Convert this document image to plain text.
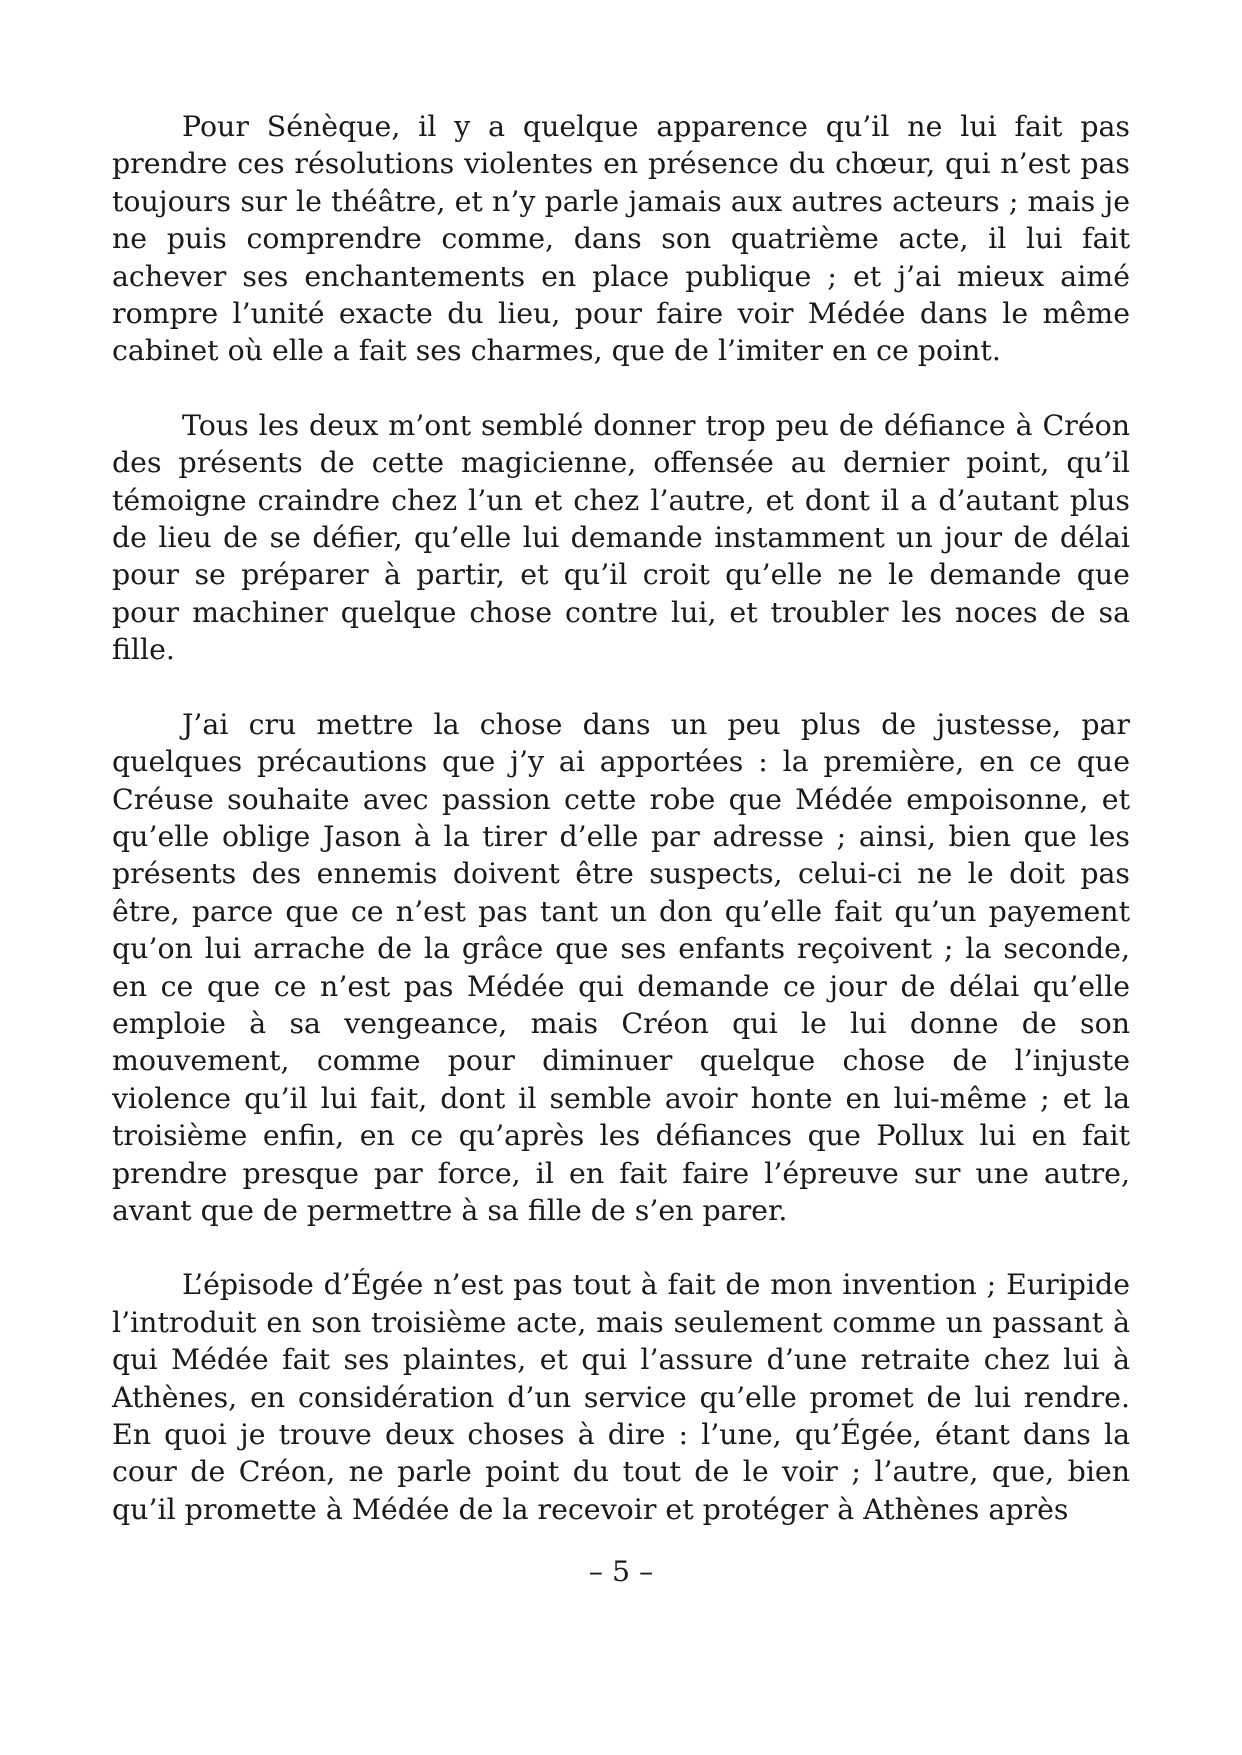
Pour Sénèque, il y a quelque apparence qu’il ne lui fait pas prendre ces résolutions violentes en présence du chœur, qui n’est pas toujours sur le théâtre, et n’y parle jamais aux autres acteurs ; mais je ne puis comprendre comme, dans son quatrième acte, il lui fait achever ses enchantements en place publique ; et j’ai mieux aimé rompre l’unité exacte du lieu, pour faire voir Médée dans le même cabinet où elle a fait ses charmes, que de l’imiter en ce point.

Tous les deux m’ont semblé donner trop peu de défiance à Créon des présents de cette magicienne, offensée au dernier point, qu’il témoigne craindre chez l’un et chez l’autre, et dont il a d’autant plus de lieu de se défier, qu’elle lui demande instamment un jour de délai pour se préparer à partir, et qu’il croit qu’elle ne le demande que pour machiner quelque chose contre lui, et troubler les noces de sa fille.

J’ai cru mettre la chose dans un peu plus de justesse, par quelques précautions que j’y ai apportées : la première, en ce que Créuse souhaite avec passion cette robe que Médée empoisonne, et qu’elle oblige Jason à la tirer d’elle par adresse ; ainsi, bien que les présents des ennemis doivent être suspects, celui-ci ne le doit pas être, parce que ce n’est pas tant un don qu’elle fait qu’un payement qu’on lui arrache de la grâce que ses enfants reçoivent ; la seconde, en ce que ce n’est pas Médée qui demande ce jour de délai qu’elle emploie à sa vengeance, mais Créon qui le lui donne de son mouvement, comme pour diminuer quelque chose de l’injuste violence qu’il lui fait, dont il semble avoir honte en lui-même ; et la troisième enfin, en ce qu’après les défiances que Pollux lui en fait prendre presque par force, il en fait faire l’épreuve sur une autre, avant que de permettre à sa fille de s’en parer.

L’épisode d’Égée n’est pas tout à fait de mon invention ; Euripide l’introduit en son troisième acte, mais seulement comme un passant à qui Médée fait ses plaintes, et qui l’assure d’une retraite chez lui à Athènes, en considération d’un service qu’elle promet de lui rendre. En quoi je trouve deux choses à dire : l’une, qu’Égée, étant dans la cour de Créon, ne parle point du tout de le voir ; l’autre, que, bien qu’il promette à Médée de la recevoir et protéger à Athènes après

– 5 –
